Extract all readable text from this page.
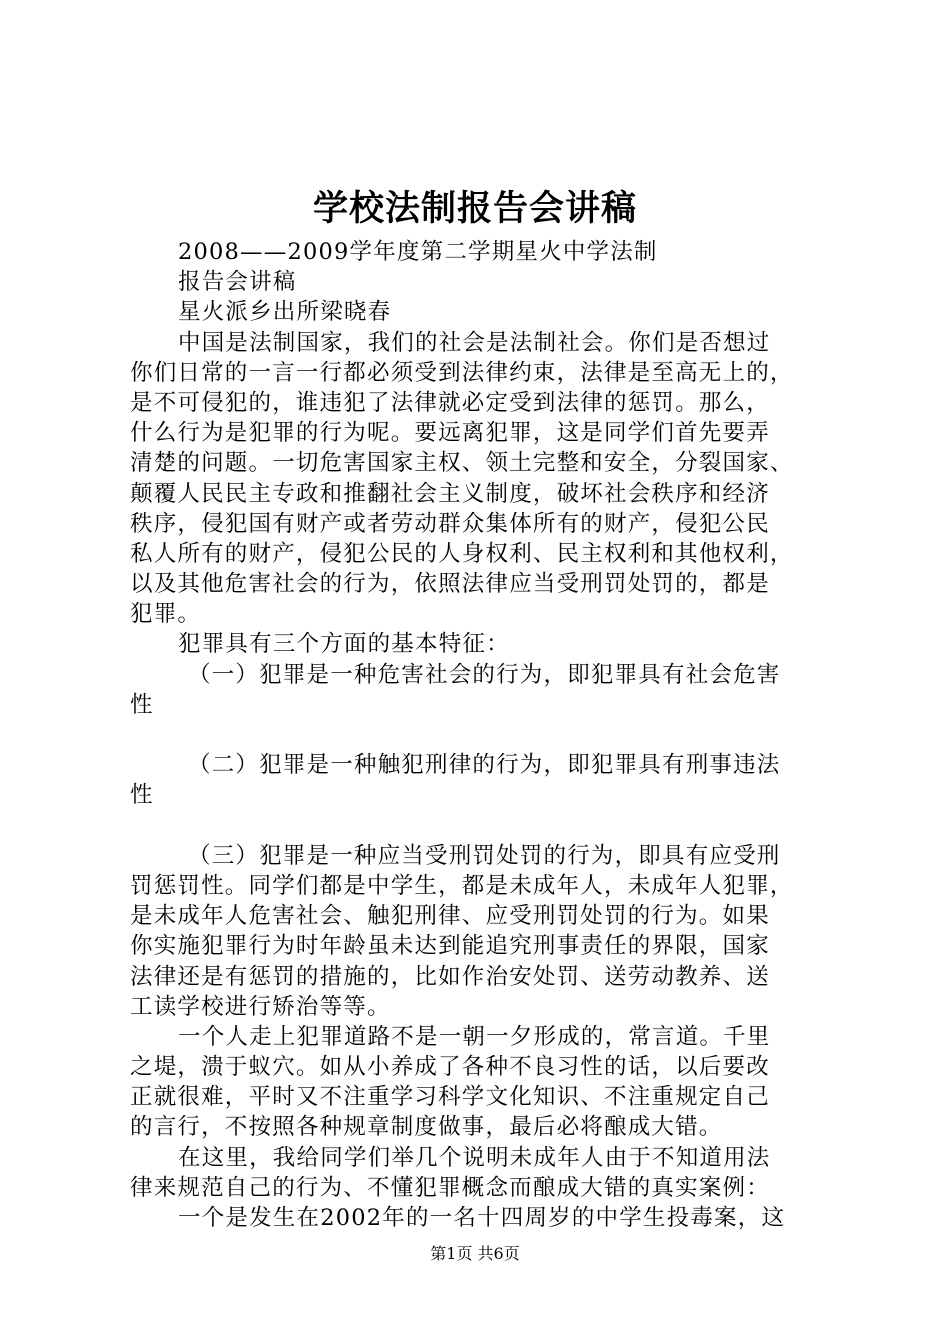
学校法制报告会讲稿
2008——2009学年度第二学期星火中学法制
报告会讲稿
星火派乡出所梁晓春
中国是法制国家，我们的社会是法制社会。你们是否想过
你们日常的一言一行都必须受到法律约束，法律是至高无上的，
是不可侵犯的，谁违犯了法律就必定受到法律的惩罚。那么，
什么行为是犯罪的行为呢。要远离犯罪，这是同学们首先要弄
清楚的问题。一切危害国家主权、领土完整和安全，分裂国家、
颠覆人民民主专政和推翻社会主义制度，破坏社会秩序和经济
秩序，侵犯国有财产或者劳动群众集体所有的财产，侵犯公民
私人所有的财产，侵犯公民的人身权利、民主权利和其他权利，
以及其他危害社会的行为，依照法律应当受刑罚处罚的，都是
犯罪。
犯罪具有三个方面的基本特征：
（一）犯罪是一种危害社会的行为，即犯罪具有社会危害
性
（二）犯罪是一种触犯刑律的行为，即犯罪具有刑事违法
性
（三）犯罪是一种应当受刑罚处罚的行为，即具有应受刑
罚惩罚性。同学们都是中学生，都是未成年人，未成年人犯罪，
是未成年人危害社会、触犯刑律、应受刑罚处罚的行为。如果
你实施犯罪行为时年龄虽未达到能追究刑事责任的界限，国家
法律还是有惩罚的措施的，比如作治安处罚、送劳动教养、送
工读学校进行矫治等等。
一个人走上犯罪道路不是一朝一夕形成的，常言道。千里
之堤，溃于蚁穴。如从小养成了各种不良习性的话，以后要改
正就很难，平时又不注重学习科学文化知识、不注重规定自己
的言行，不按照各种规章制度做事，最后必将酿成大错。
在这里，我给同学们举几个说明未成年人由于不知道用法
律来规范自己的行为、不懂犯罪概念而酿成大错的真实案例：
一个是发生在2002年的一名十四周岁的中学生投毒案，这
第1页 共6页
